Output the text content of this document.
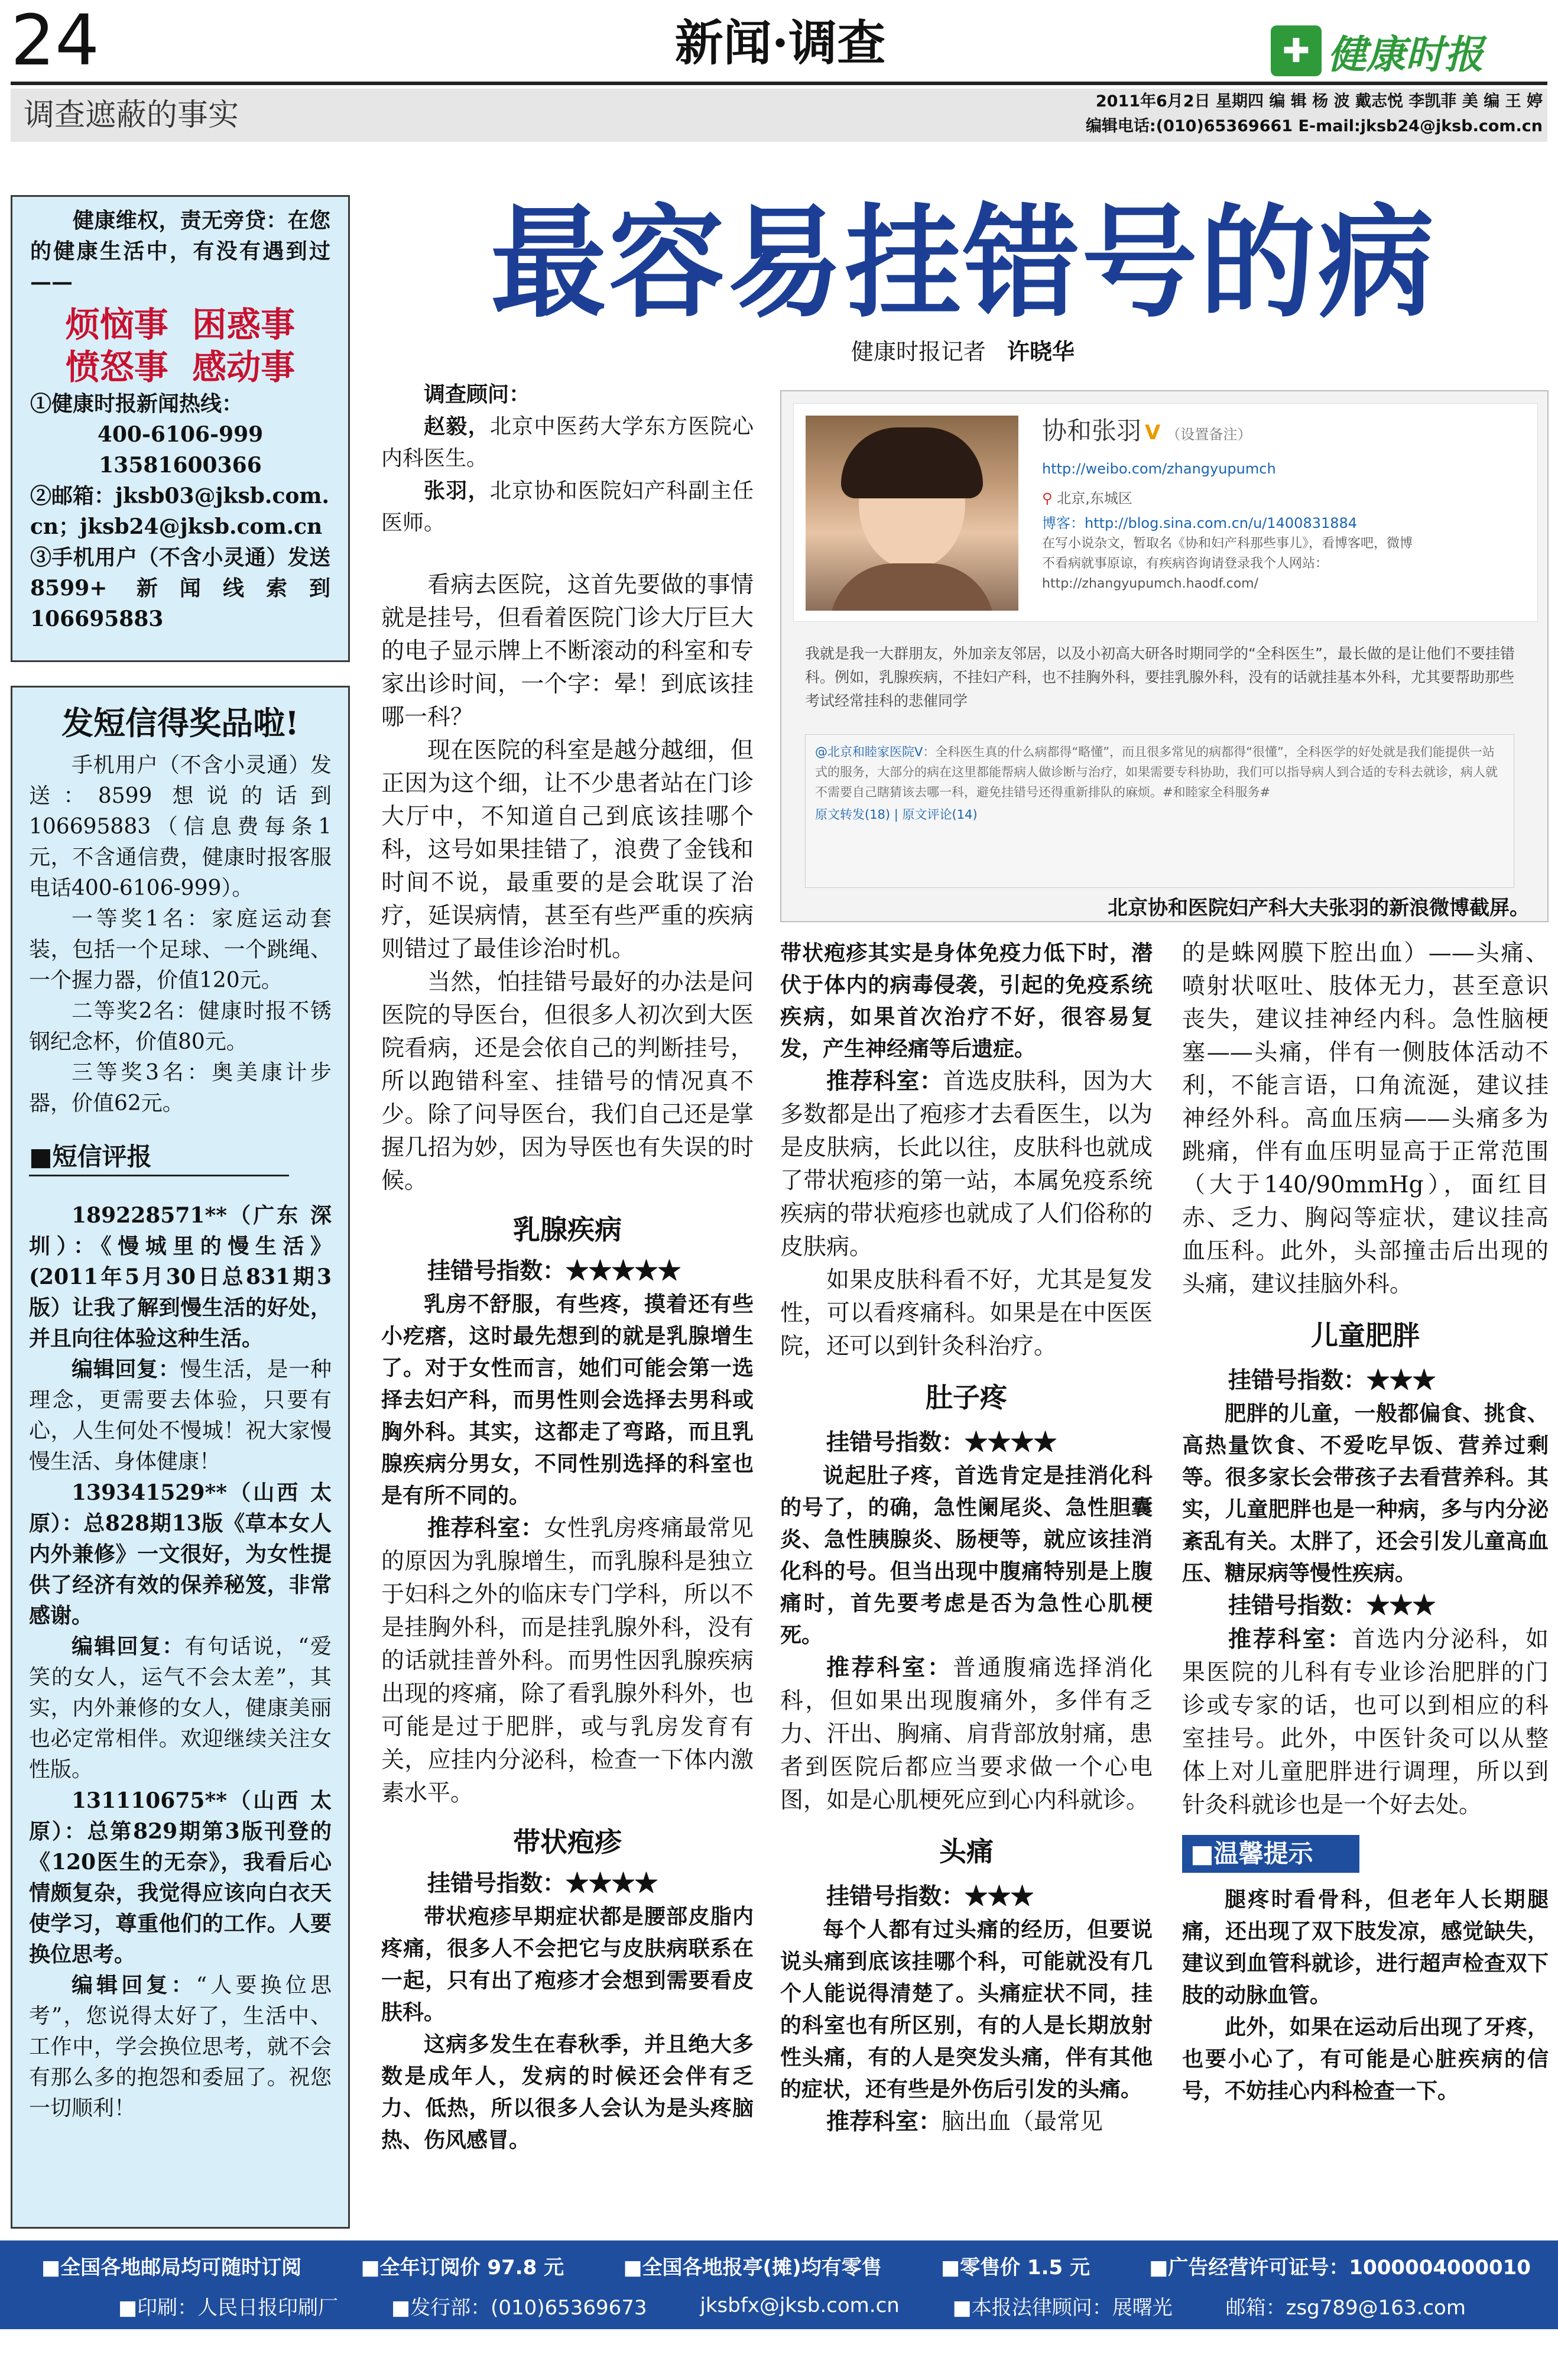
24	新闻·调查	✚ 健康时报
调查遮蔽的事实	2011年6月2日 星期四 编 辑 杨 波 戴志悦 李凯菲 美 编 王 婷
编辑电话:(010)65369661 E-mail:jksb24@jksb.com.cn

健康维权，责无旁贷：在您的健康生活中，有没有遇到过——

烦恼事  困惑事
愤怒事  感动事
①健康时报新闻热线：
400-6106-999
13581600366
②邮箱：jksb03@jksb.com.cn；jksb24@jksb.com.cn
③手机用户（不含小灵通）发送 8599+ 新闻线索到 106695883
发短信得奖品啦!

手机用户（不含小灵通）发送：8599 想说的话到 106695883（信息费每条1元，不含通信费，健康时报客服电话400-6106-999）。

一等奖1名：家庭运动套装，包括一个足球、一个跳绳、一个握力器，价值120元。

二等奖2名：健康时报不锈钢纪念杯，价值80元。

三等奖3名：奥美康计步器，价值62元。

■短信评报

189228571**（广东 深圳）：《慢城里的慢生活》(2011年5月30日总831期3版）让我了解到慢生活的好处，并且向往体验这种生活。

编辑回复：慢生活，是一种理念，更需要去体验，只要有心，人生何处不慢城！祝大家慢慢生活、身体健康！

139341529**（山西 太原）：总828期13版《草本女人内外兼修》一文很好，为女性提供了经济有效的保养秘笈，非常感谢。

编辑回复：有句话说，“爱笑的女人，运气不会太差”，其实，内外兼修的女人，健康美丽也必定常相伴。欢迎继续关注女性版。

131110675**（山西 太原）：总第829期第3版刊登的《120医生的无奈》，我看后心情颇复杂，我觉得应该向白衣天使学习，尊重他们的工作。人要换位思考。

编辑回复：“人要换位思考”，您说得太好了，生活中、工作中，学会换位思考，就不会有那么多的抱怨和委屈了。祝您一切顺利！

最容易挂错号的病
健康时报记者 许晓华

调查顾问：

赵毅，北京中医药大学东方医院心内科医生。

张羽，北京协和医院妇产科副主任医师。

看病去医院，这首先要做的事情就是挂号，但看着医院门诊大厅巨大的电子显示牌上不断滚动的科室和专家出诊时间，一个字：晕！到底该挂哪一科？

现在医院的科室是越分越细，但正因为这个细，让不少患者站在门诊大厅中，不知道自己到底该挂哪个科，这号如果挂错了，浪费了金钱和时间不说，最重要的是会耽误了治疗，延误病情，甚至有些严重的疾病则错过了最佳诊治时机。

当然，怕挂错号最好的办法是问医院的导医台，但很多人初次到大医院看病，还是会依自己的判断挂号，所以跑错科室、挂错号的情况真不少。除了问导医台，我们自己还是掌握几招为妙，因为导医也有失误的时候。

乳腺疾病

挂错号指数：★★★★★

乳房不舒服，有些疼，摸着还有些小疙瘩，这时最先想到的就是乳腺增生了。对于女性而言，她们可能会第一选择去妇产科，而男性则会选择去男科或胸外科。其实，这都走了弯路，而且乳腺疾病分男女，不同性别选择的科室也是有所不同的。

推荐科室：女性乳房疼痛最常见的原因为乳腺增生，而乳腺科是独立于妇科之外的临床专门学科，所以不是挂胸外科，而是挂乳腺外科，没有的话就挂普外科。而男性因乳腺疾病出现的疼痛，除了看乳腺外科外，也可能是过于肥胖，或与乳房发育有关，应挂内分泌科，检查一下体内激素水平。

带状疱疹

挂错号指数：★★★★

带状疱疹早期症状都是腰部皮脂内疼痛，很多人不会把它与皮肤病联系在一起，只有出了疱疹才会想到需要看皮肤科。

这病多发生在春秋季，并且绝大多数是成年人，发病的时候还会伴有乏力、低热，所以很多人会认为是头疼脑热、伤风感冒。

协和张羽 V （设置备注）
http://weibo.com/zhangyupumch
⚲ 北京,东城区
博客：http://blog.sina.com.cn/u/1400831884
在写小说杂文，暂取名《协和妇产科那些事儿》，看博客吧，微博不看病就事原谅，有疾病咨询请登录我个人网站：http://zhangyupumch.haodf.com/
我就是我一大群朋友，外加亲友邻居，以及小初高大研各时期同学的“全科医生”，最长做的是让他们不要挂错科。例如，乳腺疾病，不挂妇产科，也不挂胸外科，要挂乳腺外科，没有的话就挂基本外科，尤其要帮助那些考试经常挂科的悲催同学
@北京和睦家医院V：全科医生真的什么病都得“略懂”，而且很多常见的病都得“很懂”，全科医学的好处就是我们能提供一站式的服务，大部分的病在这里都能帮病人做诊断与治疗，如果需要专科协助，我们可以指导病人到合适的专科去就诊，病人就不需要自己瞎猜该去哪一科，避免挂错号还得重新排队的麻烦。#和睦家全科服务#
原文转发(18) | 原文评论(14)
北京协和医院妇产科大夫张羽的新浪微博截屏。

带状疱疹其实是身体免疫力低下时，潜伏于体内的病毒侵袭，引起的免疫系统疾病，如果首次治疗不好，很容易复发，产生神经痛等后遗症。

推荐科室：首选皮肤科，因为大多数都是出了疱疹才去看医生，以为是皮肤病，长此以往，皮肤科也就成了带状疱疹的第一站，本属免疫系统疾病的带状疱疹也就成了人们俗称的皮肤病。

如果皮肤科看不好，尤其是复发性，可以看疼痛科。如果是在中医医院，还可以到针灸科治疗。

肚子疼

挂错号指数：★★★★

说起肚子疼，首选肯定是挂消化科的号了，的确，急性阑尾炎、急性胆囊炎、急性胰腺炎、肠梗等，就应该挂消化科的号。但当出现中腹痛特别是上腹痛时，首先要考虑是否为急性心肌梗死。

推荐科室：普通腹痛选择消化科，但如果出现腹痛外，多伴有乏力、汗出、胸痛、肩背部放射痛，患者到医院后都应当要求做一个心电图，如是心肌梗死应到心内科就诊。

头痛

挂错号指数：★★★

每个人都有过头痛的经历，但要说说头痛到底该挂哪个科，可能就没有几个人能说得清楚了。头痛症状不同，挂的科室也有所区别，有的人是长期放射性头痛，有的人是突发头痛，伴有其他的症状，还有些是外伤后引发的头痛。

推荐科室：脑出血（最常见

的是蛛网膜下腔出血）——头痛、喷射状呕吐、肢体无力，甚至意识丧失，建议挂神经内科。急性脑梗塞——头痛，伴有一侧肢体活动不利，不能言语，口角流涎，建议挂神经外科。高血压病——头痛多为跳痛，伴有血压明显高于正常范围（大于140/90mmHg），面红目赤、乏力、胸闷等症状，建议挂高血压科。此外，头部撞击后出现的头痛，建议挂脑外科。

儿童肥胖

挂错号指数：★★★

肥胖的儿童，一般都偏食、挑食、高热量饮食、不爱吃早饭、营养过剩等。很多家长会带孩子去看营养科。其实，儿童肥胖也是一种病，多与内分泌紊乱有关。太胖了，还会引发儿童高血压、糖尿病等慢性疾病。

挂错号指数：★★★

推荐科室：首选内分泌科，如果医院的儿科有专业诊治肥胖的门诊或专家的话，也可以到相应的科室挂号。此外，中医针灸可以从整体上对儿童肥胖进行调理，所以到针灸科就诊也是一个好去处。

■温馨提示

腿疼时看骨科，但老年人长期腿痛，还出现了双下肢发凉，感觉缺失，建议到血管科就诊，进行超声检查双下肢的动脉血管。

此外，如果在运动后出现了牙疼，也要小心了，有可能是心脏疾病的信号，不妨挂心内科检查一下。

■全国各地邮局均可随时订阅	■全年订阅价 97.8 元	■全国各地报亭(摊)均有零售	■零售价 1.5 元	■广告经营许可证号：1000004000010
■印刷：人民日报印刷厂	■发行部：(010)65369673	jksbfx@jksb.com.cn	■本报法律顾问：展曙光	邮箱：zsg789@163.com
